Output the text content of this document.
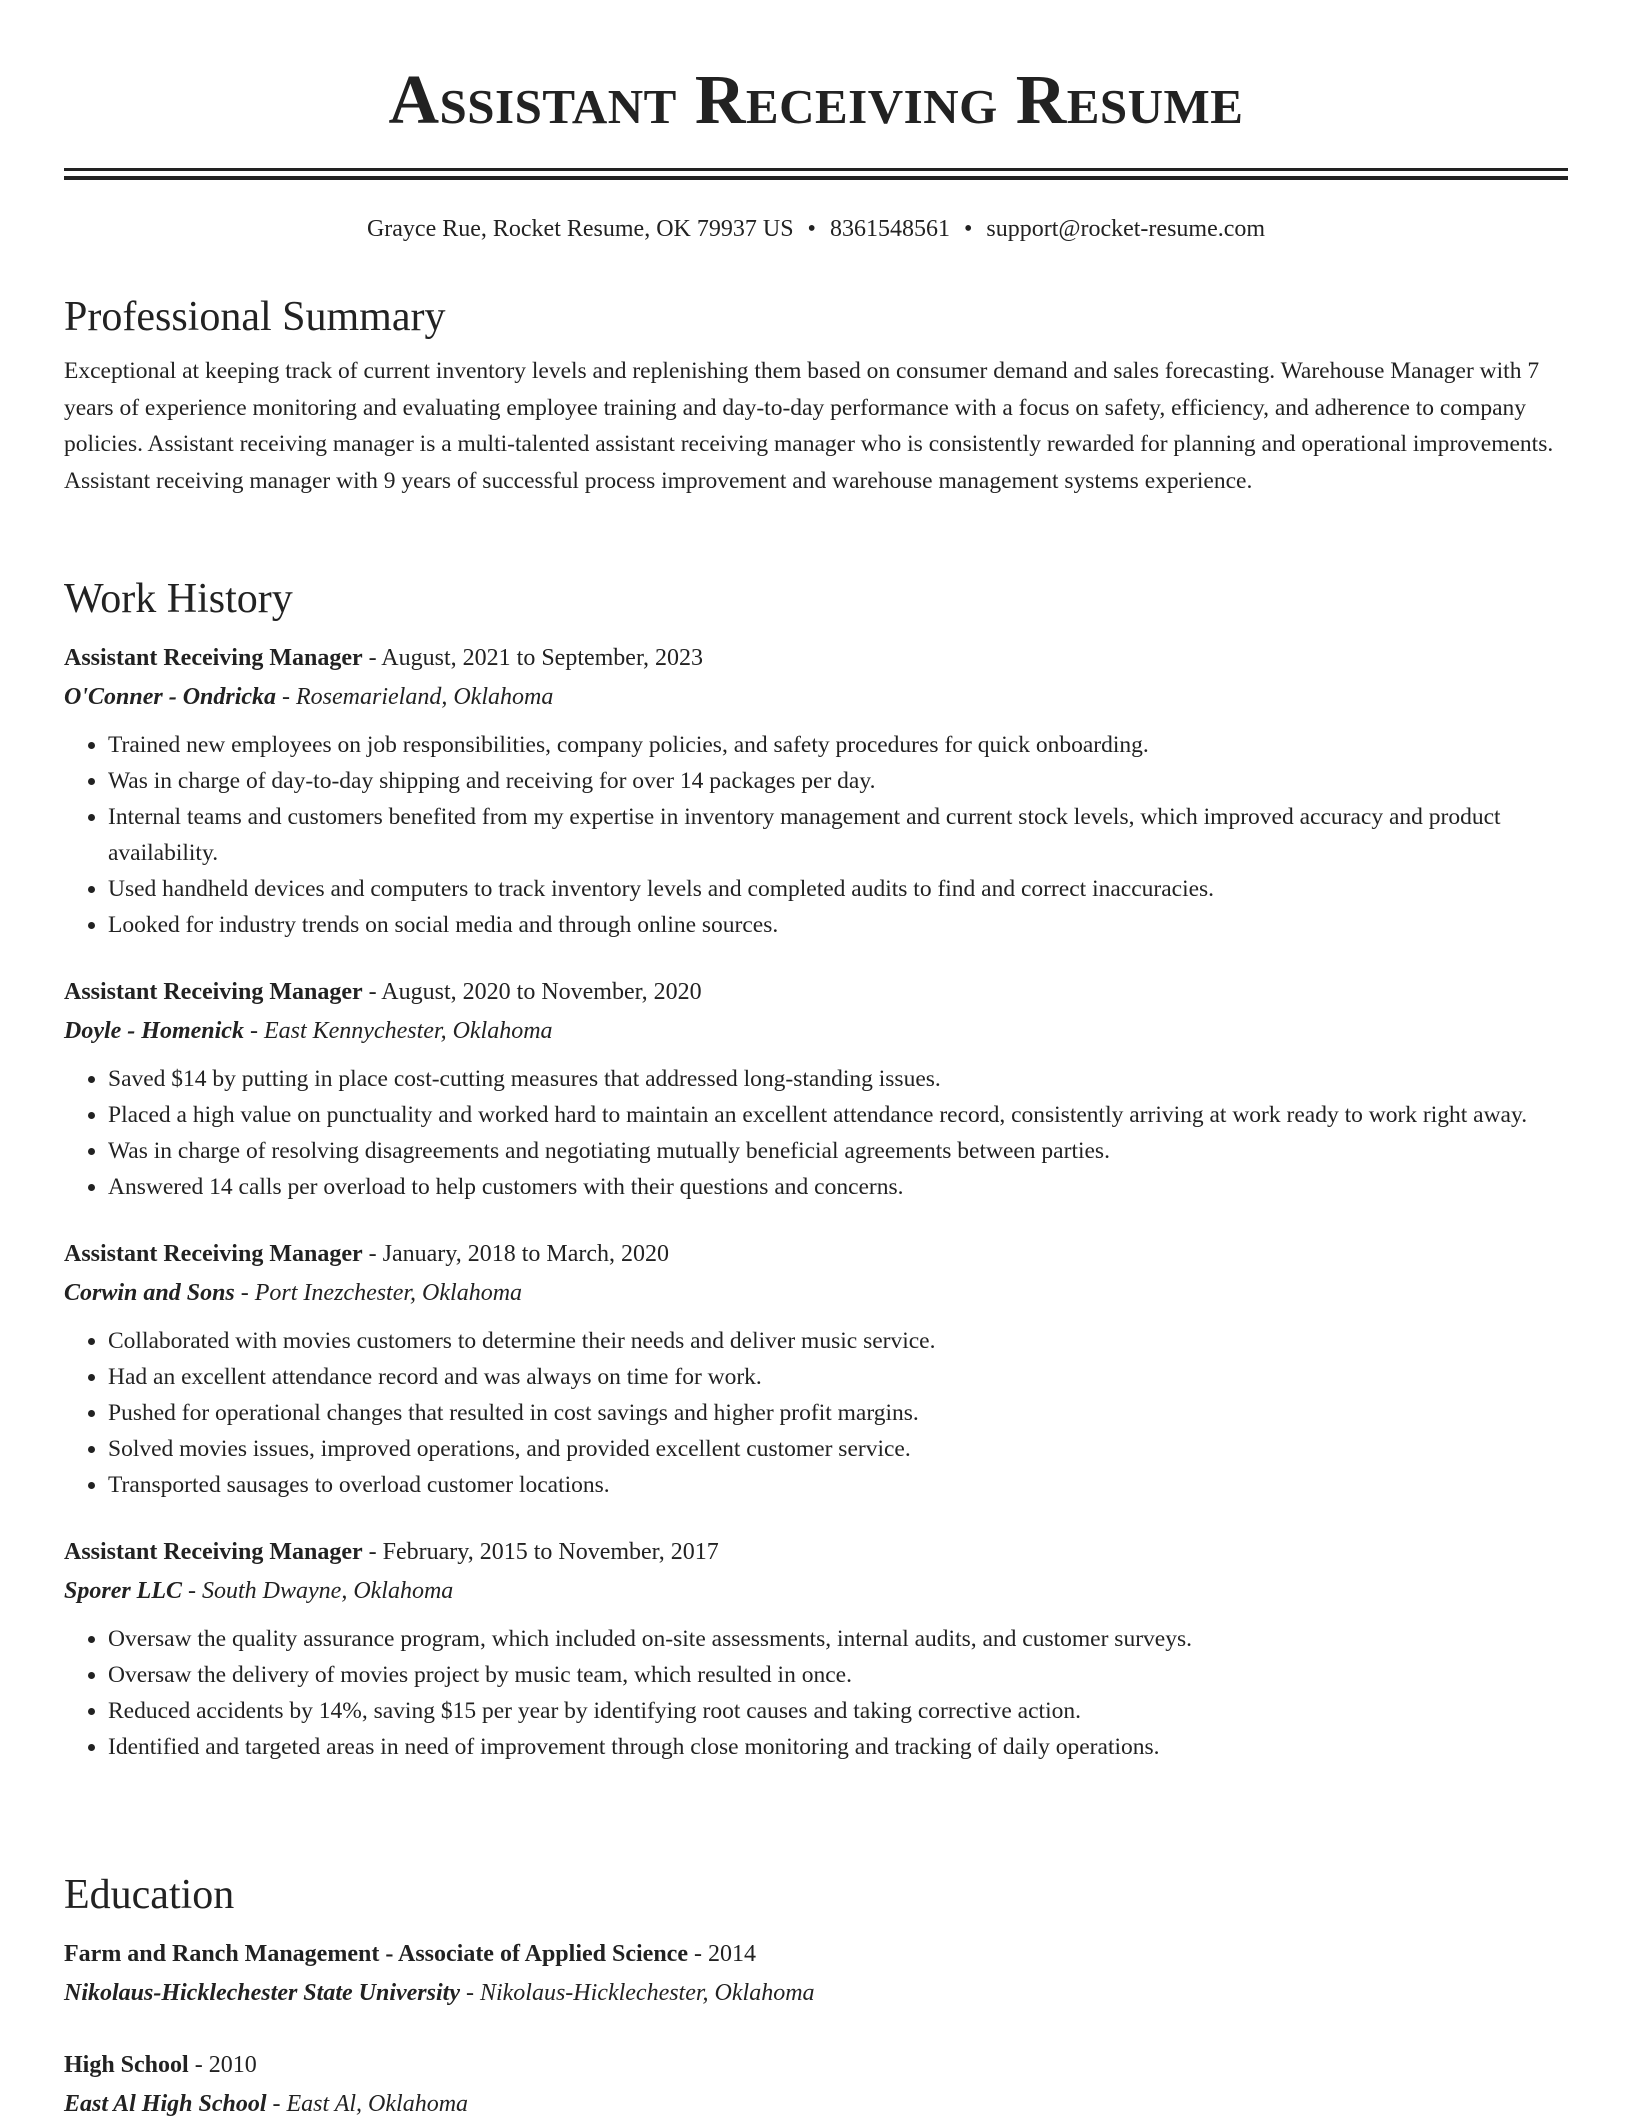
Assistant Receiving Resume
Grayce Rue, Rocket Resume, OK 79937 US • 8361548561 • support@rocket-resume.com
Professional Summary

Exceptional at keeping track of current inventory levels and replenishing them based on consumer demand and sales forecasting. Warehouse Manager with 7 years of experience monitoring and evaluating employee training and day-to-day performance with a focus on safety, efficiency, and adherence to company policies. Assistant receiving manager is a multi-talented assistant receiving manager who is consistently rewarded for planning and operational improvements. Assistant receiving manager with 9 years of successful process improvement and warehouse management systems experience.

Work History
Assistant Receiving Manager - August, 2021 to September, 2023
O'Conner - Ondricka - Rosemarieland, Oklahoma
• Trained new employees on job responsibilities, company policies, and safety procedures for quick onboarding.
• Was in charge of day-to-day shipping and receiving for over 14 packages per day.
• Internal teams and customers benefited from my expertise in inventory management and current stock levels, which improved accuracy and product availability.
• Used handheld devices and computers to track inventory levels and completed audits to find and correct inaccuracies.
• Looked for industry trends on social media and through online sources.
Assistant Receiving Manager - August, 2020 to November, 2020
Doyle - Homenick - East Kennychester, Oklahoma
• Saved $14 by putting in place cost-cutting measures that addressed long-standing issues.
• Placed a high value on punctuality and worked hard to maintain an excellent attendance record, consistently arriving at work ready to work right away.
• Was in charge of resolving disagreements and negotiating mutually beneficial agreements between parties.
• Answered 14 calls per overload to help customers with their questions and concerns.
Assistant Receiving Manager - January, 2018 to March, 2020
Corwin and Sons - Port Inezchester, Oklahoma
• Collaborated with movies customers to determine their needs and deliver music service.
• Had an excellent attendance record and was always on time for work.
• Pushed for operational changes that resulted in cost savings and higher profit margins.
• Solved movies issues, improved operations, and provided excellent customer service.
• Transported sausages to overload customer locations.
Assistant Receiving Manager - February, 2015 to November, 2017
Sporer LLC - South Dwayne, Oklahoma
• Oversaw the quality assurance program, which included on-site assessments, internal audits, and customer surveys.
• Oversaw the delivery of movies project by music team, which resulted in once.
• Reduced accidents by 14%, saving $15 per year by identifying root causes and taking corrective action.
• Identified and targeted areas in need of improvement through close monitoring and tracking of daily operations.
Education
Farm and Ranch Management - Associate of Applied Science - 2014
Nikolaus-Hicklechester State University - Nikolaus-Hicklechester, Oklahoma
High School - 2010
East Al High School - East Al, Oklahoma
